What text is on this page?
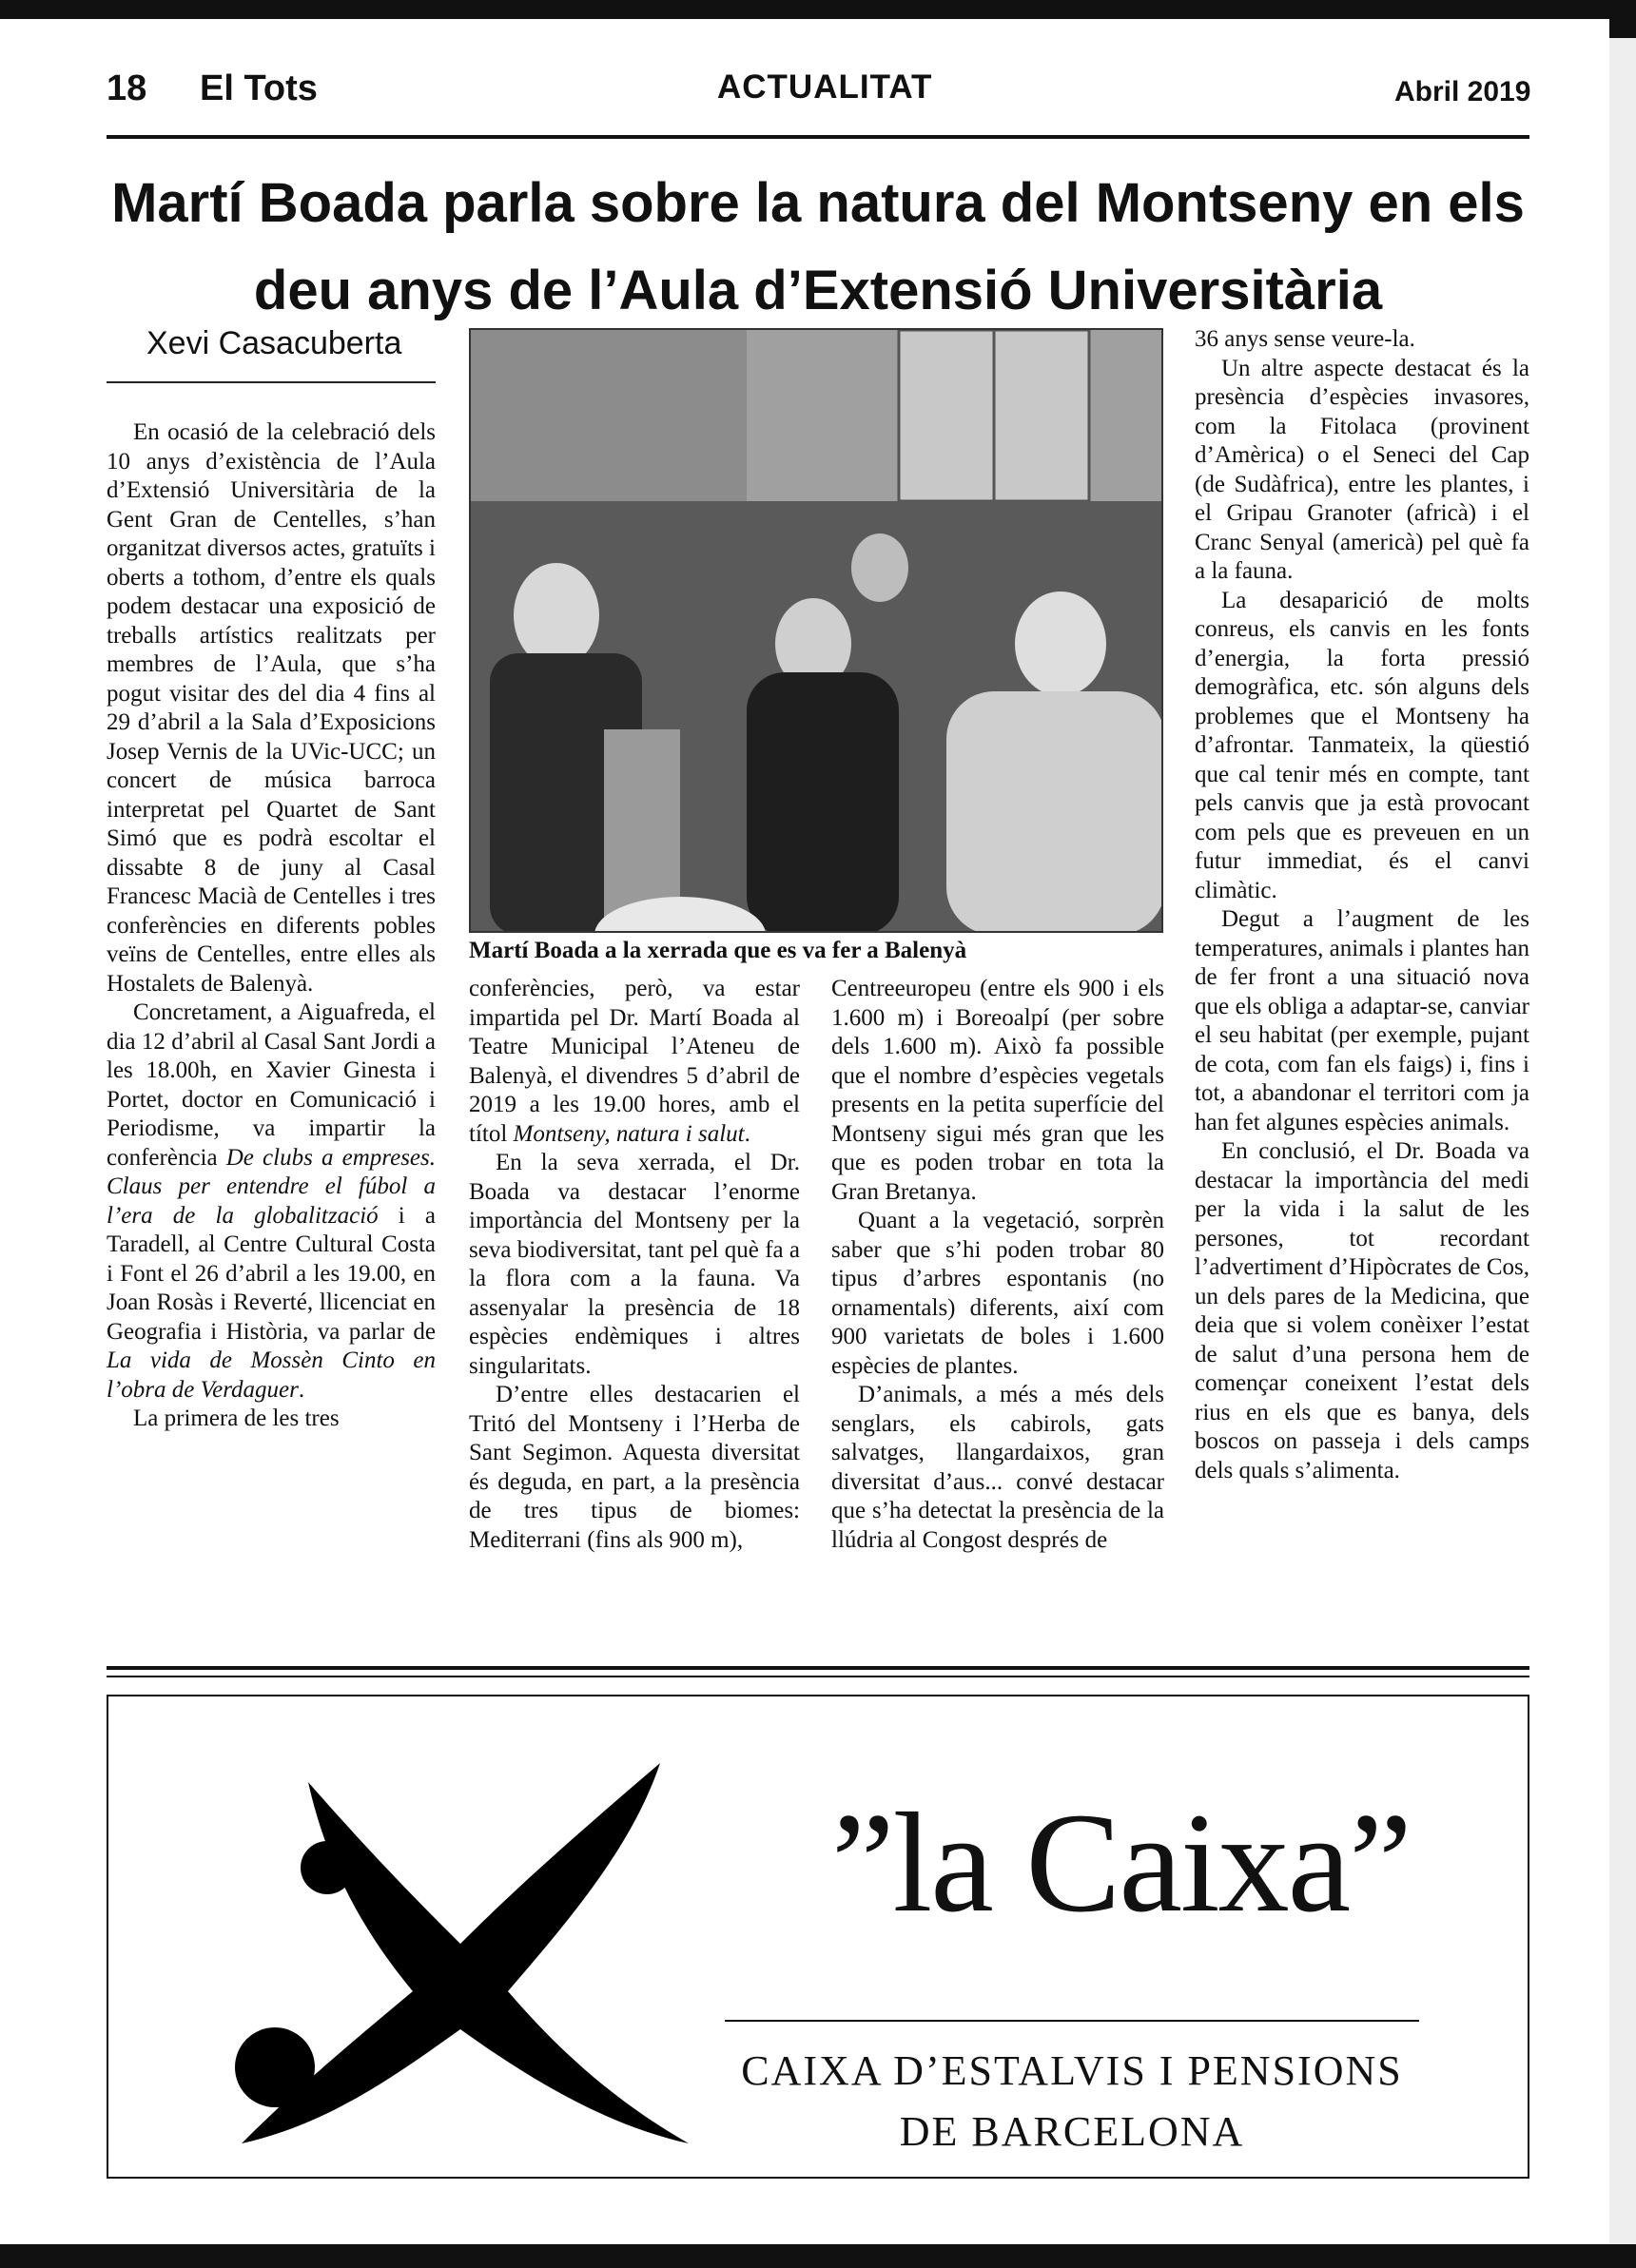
18 El Tots	ACTUALITAT	Abril 2019
Martí Boada parla sobre la natura del Montseny en els
deu anys de l’Aula d’Extensió Universitària
Xevi Casacuberta

En ocasió de la celebració dels 10 anys d’existència de l’Aula d’Extensió Universitària de la Gent Gran de Centelles, s’han organitzat diversos actes, gratuïts i oberts a tothom, d’entre els quals podem destacar una exposició de treballs artístics realitzats per membres de l’Aula, que s’ha pogut visitar des del dia 4 fins al 29 d’abril a la Sala d’Exposicions Josep Vernis de la UVic-UCC; un concert de música barroca interpretat pel Quartet de Sant Simó que es podrà escoltar el dissabte 8 de juny al Casal Francesc Macià de Centelles i tres conferències en diferents pobles veïns de Centelles, entre elles als Hostalets de Balenyà.

Concretament, a Aiguafreda, el dia 12 d’abril al Casal Sant Jordi a les 18.00h, en Xavier Ginesta i Portet, doctor en Comunicació i Periodisme, va impartir la conferència De clubs a empreses. Claus per entendre el fúbol a l’era de la globalització i a Taradell, al Centre Cultural Costa i Font el 26 d’abril a les 19.00, en Joan Rosàs i Reverté, llicenciat en Geografia i Història, va parlar de La vida de Mossèn Cinto en l’obra de Verdaguer.

La primera de les tres

Martí Boada a la xerrada que es va fer a Balenyà

conferències, però, va estar impartida pel Dr. Martí Boada al Teatre Municipal l’Ateneu de Balenyà, el divendres 5 d’abril de 2019 a les 19.00 hores, amb el títol Montseny, natura i salut.

En la seva xerrada, el Dr. Boada va destacar l’enorme importància del Montseny per la seva biodiversitat, tant pel què fa a la flora com a la fauna. Va assenyalar la presència de 18 espècies endèmiques i altres singularitats.

D’entre elles destacarien el Tritó del Montseny i l’Herba de Sant Segimon. Aquesta diversitat és deguda, en part, a la presència de tres tipus de biomes: Mediterrani (fins als 900 m),

Centreeuropeu (entre els 900 i els 1.600 m) i Boreoalpí (per sobre dels 1.600 m). Això fa possible que el nombre d’espècies vegetals presents en la petita superfície del Montseny sigui més gran que les que es poden trobar en tota la Gran Bretanya.

Quant a la vegetació, sorprèn saber que s’hi poden trobar 80 tipus d’arbres espontanis (no ornamentals) diferents, així com 900 varietats de boles i 1.600 espècies de plantes.

D’animals, a més a més dels senglars, els cabirols, gats salvatges, llangardaixos, gran diversitat d’aus... convé destacar que s’ha detectat la presència de la llúdria al Congost després de

36 anys sense veure-la.

Un altre aspecte destacat és la presència d’espècies invasores, com la Fitolaca (provinent d’Amèrica) o el Seneci del Cap (de Sudàfrica), entre les plantes, i el Gripau Granoter (africà) i el Cranc Senyal (americà) pel què fa a la fauna.

La desaparició de molts conreus, els canvis en les fonts d’energia, la forta pressió demogràfica, etc. són alguns dels problemes que el Montseny ha d’afrontar. Tanmateix, la qüestió que cal tenir més en compte, tant pels canvis que ja està provocant com pels que es preveuen en un futur immediat, és el canvi climàtic.

Degut a l’augment de les temperatures, animals i plantes han de fer front a una situació nova que els obliga a adaptar-se, canviar el seu habitat (per exemple, pujant de cota, com fan els faigs) i, fins i tot, a abandonar el territori com ja han fet algunes espècies animals.

En conclusió, el Dr. Boada va destacar la importància del medi per la vida i la salut de les persones, tot recordant l’advertiment d’Hipòcrates de Cos, un dels pares de la Medicina, que deia que si volem conèixer l’estat de salut d’una persona hem de començar coneixent l’estat dels rius en els que es banya, dels boscos on passeja i dels camps dels quals s’alimenta.

”la Caixa”
CAIXA D’ESTALVIS I PENSIONS
DE BARCELONA
